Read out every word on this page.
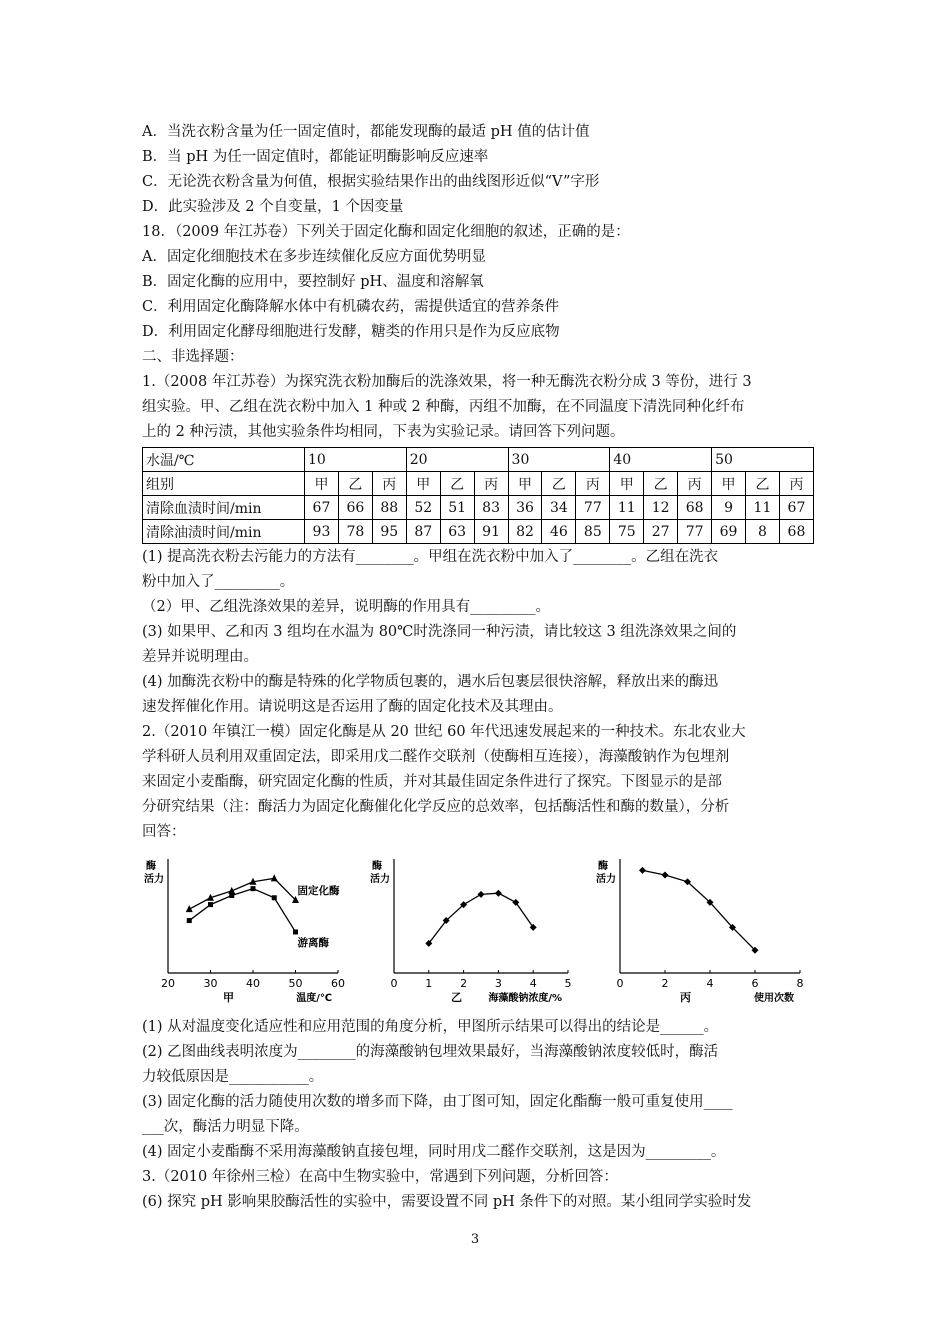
A．当洗衣粉含量为任一固定值时，都能发现酶的最适 pH 值的估计值
B．当 pH 为任一固定值时，都能证明酶影响反应速率
C．无论洗衣粉含量为何值，根据实验结果作出的曲线图形近似“V”字形
D．此实验涉及 2 个自变量，1 个因变量
18．（2009 年江苏卷）下列关于固定化酶和固定化细胞的叙述，正确的是：
A．固定化细胞技术在多步连续催化反应方面优势明显
B．固定化酶的应用中，要控制好 pH、温度和溶解氧
C．利用固定化酶降解水体中有机磷农药，需提供适宜的营养条件
D．利用固定化酵母细胞进行发酵，糖类的作用只是作为反应底物
二、非选择题：
1.（2008 年江苏卷）为探究洗衣粉加酶后的洗涤效果，将一种无酶洗衣粉分成 3 等份，进行 3
组实验。甲、乙组在洗衣粉中加入 1 种或 2 种酶，丙组不加酶，在不同温度下清洗同种化纤布
上的 2 种污渍，其他实验条件均相同，下表为实验记录。请回答下列问题。
水温/℃	10			20			30			40			50		
组别	甲	乙	丙	甲	乙	丙	甲	乙	丙	甲	乙	丙	甲	乙	丙
清除血渍时间/min	67	66	88	52	51	83	36	34	77	11	12	68	9	11	67
清除油渍时间/min	93	78	95	87	63	91	82	46	85	75	27	77	69	8	68
(1) 提高洗衣粉去污能力的方法有________。甲组在洗衣粉中加入了________。乙组在洗衣
粉中加入了_________。
（2）甲、乙组洗涤效果的差异，说明酶的作用具有_________。
(3) 如果甲、乙和丙 3 组均在水温为 80℃时洗涤同一种污渍，请比较这 3 组洗涤效果之间的
差异并说明理由。
(4) 加酶洗衣粉中的酶是特殊的化学物质包裹的，遇水后包裹层很快溶解，释放出来的酶迅
速发挥催化作用。请说明这是否运用了酶的固定化技术及其理由。
2.（2010 年镇江一模）固定化酶是从 20 世纪 60 年代迅速发展起来的一种技术。东北农业大
学科研人员利用双重固定法，即采用戊二醛作交联剂（使酶相互连接），海藻酸钠作为包埋剂
来固定小麦酯酶，研究固定化酶的性质，并对其最佳固定条件进行了探究。下图显示的是部
分研究结果（注：酶活力为固定化酶催化化学反应的总效率，包括酶活性和酶的数量），分析
回答：
酶
活力
20	30	40	50	60
甲	温度/℃
固定化酶
游离酶
酶
活力
0	1	2	3	4	5
乙	海藻酸钠浓度/%
酶
活力
0	2	4	6	8
丙	使用次数
(1) 从对温度变化适应性和应用范围的角度分析，甲图所示结果可以得出的结论是______。
(2) 乙图曲线表明浓度为________的海藻酸钠包埋效果最好，当海藻酸钠浓度较低时，酶活
力较低原因是___________。
(3) 固定化酶的活力随使用次数的增多而下降，由丁图可知，固定化酯酶一般可重复使用____
___次，酶活力明显下降。
(4) 固定小麦酯酶不采用海藻酸钠直接包埋，同时用戊二醛作交联剂，这是因为_________。
3.（2010 年徐州三检）在高中生物实验中，常遇到下列问题，分析回答：
(6) 探究 pH 影响果胶酶活性的实验中，需要设置不同 pH 条件下的对照。某小组同学实验时发
3
